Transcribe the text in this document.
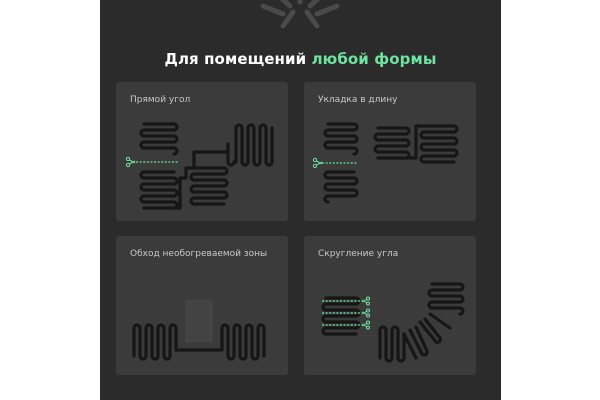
Для помещений любой формы
Прямой угол	Укладка в длину
Обход необогреваемой зоны	Скругление угла
